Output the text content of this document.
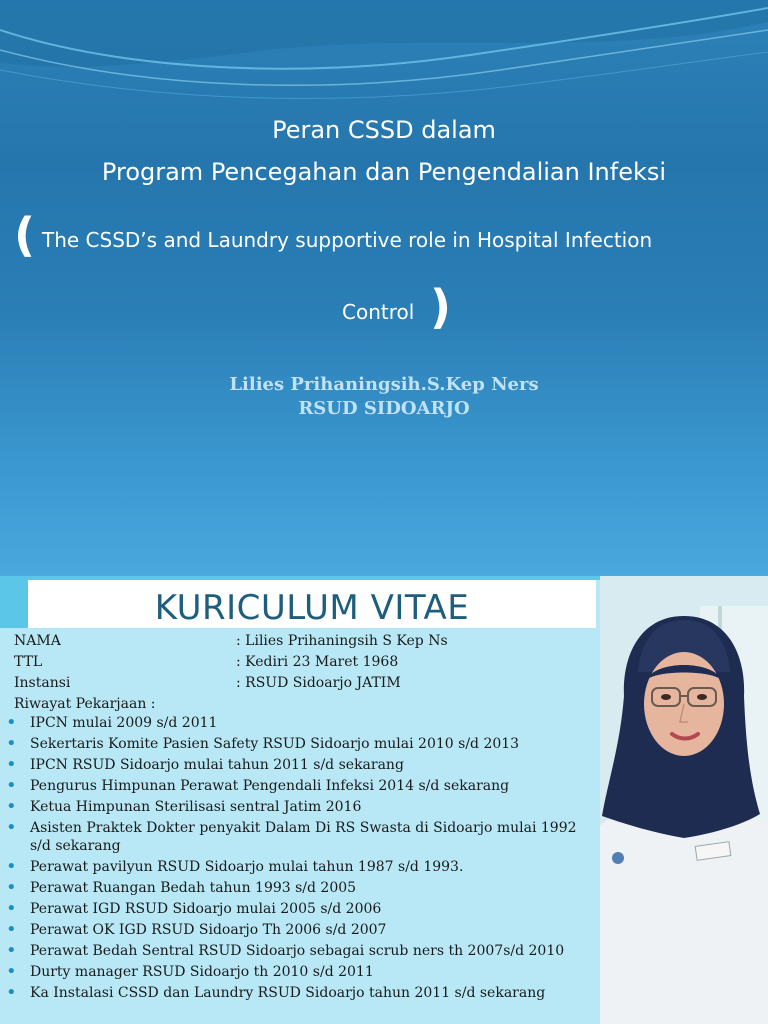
Peran CSSD dalam
Program Pencegahan dan Pengendalian Infeksi
( The CSSD’s and Laundry supportive role in Hospital Infection
Control )
Lilies Prihaningsih.S.Kep Ners
RSUD SIDOARJO
KURICULUM VITAE
NAMA	: Lilies Prihaningsih S Kep Ns
TTL	: Kediri 23 Maret 1968
Instansi	: RSUD Sidoarjo JATIM
Riwayat Pekarjaan :
• IPCN mulai 2009 s/d 2011
• Sekertaris Komite Pasien Safety RSUD Sidoarjo mulai 2010 s/d 2013
• IPCN RSUD Sidoarjo mulai tahun 2011 s/d sekarang
• Pengurus Himpunan Perawat Pengendali Infeksi 2014 s/d sekarang
• Ketua Himpunan Sterilisasi sentral Jatim 2016
• Asisten Praktek Dokter penyakit Dalam Di RS Swasta di Sidoarjo mulai 1992 s/d sekarang
• Perawat pavilyun RSUD Sidoarjo mulai tahun 1987 s/d 1993.
• Perawat Ruangan Bedah tahun 1993 s/d 2005
• Perawat IGD RSUD Sidoarjo mulai 2005 s/d 2006
• Perawat OK IGD RSUD Sidoarjo Th 2006 s/d 2007
• Perawat Bedah Sentral RSUD Sidoarjo sebagai scrub ners th 2007s/d 2010
• Durty manager RSUD Sidoarjo th 2010 s/d 2011
• Ka Instalasi CSSD dan Laundry RSUD Sidoarjo tahun 2011 s/d sekarang
